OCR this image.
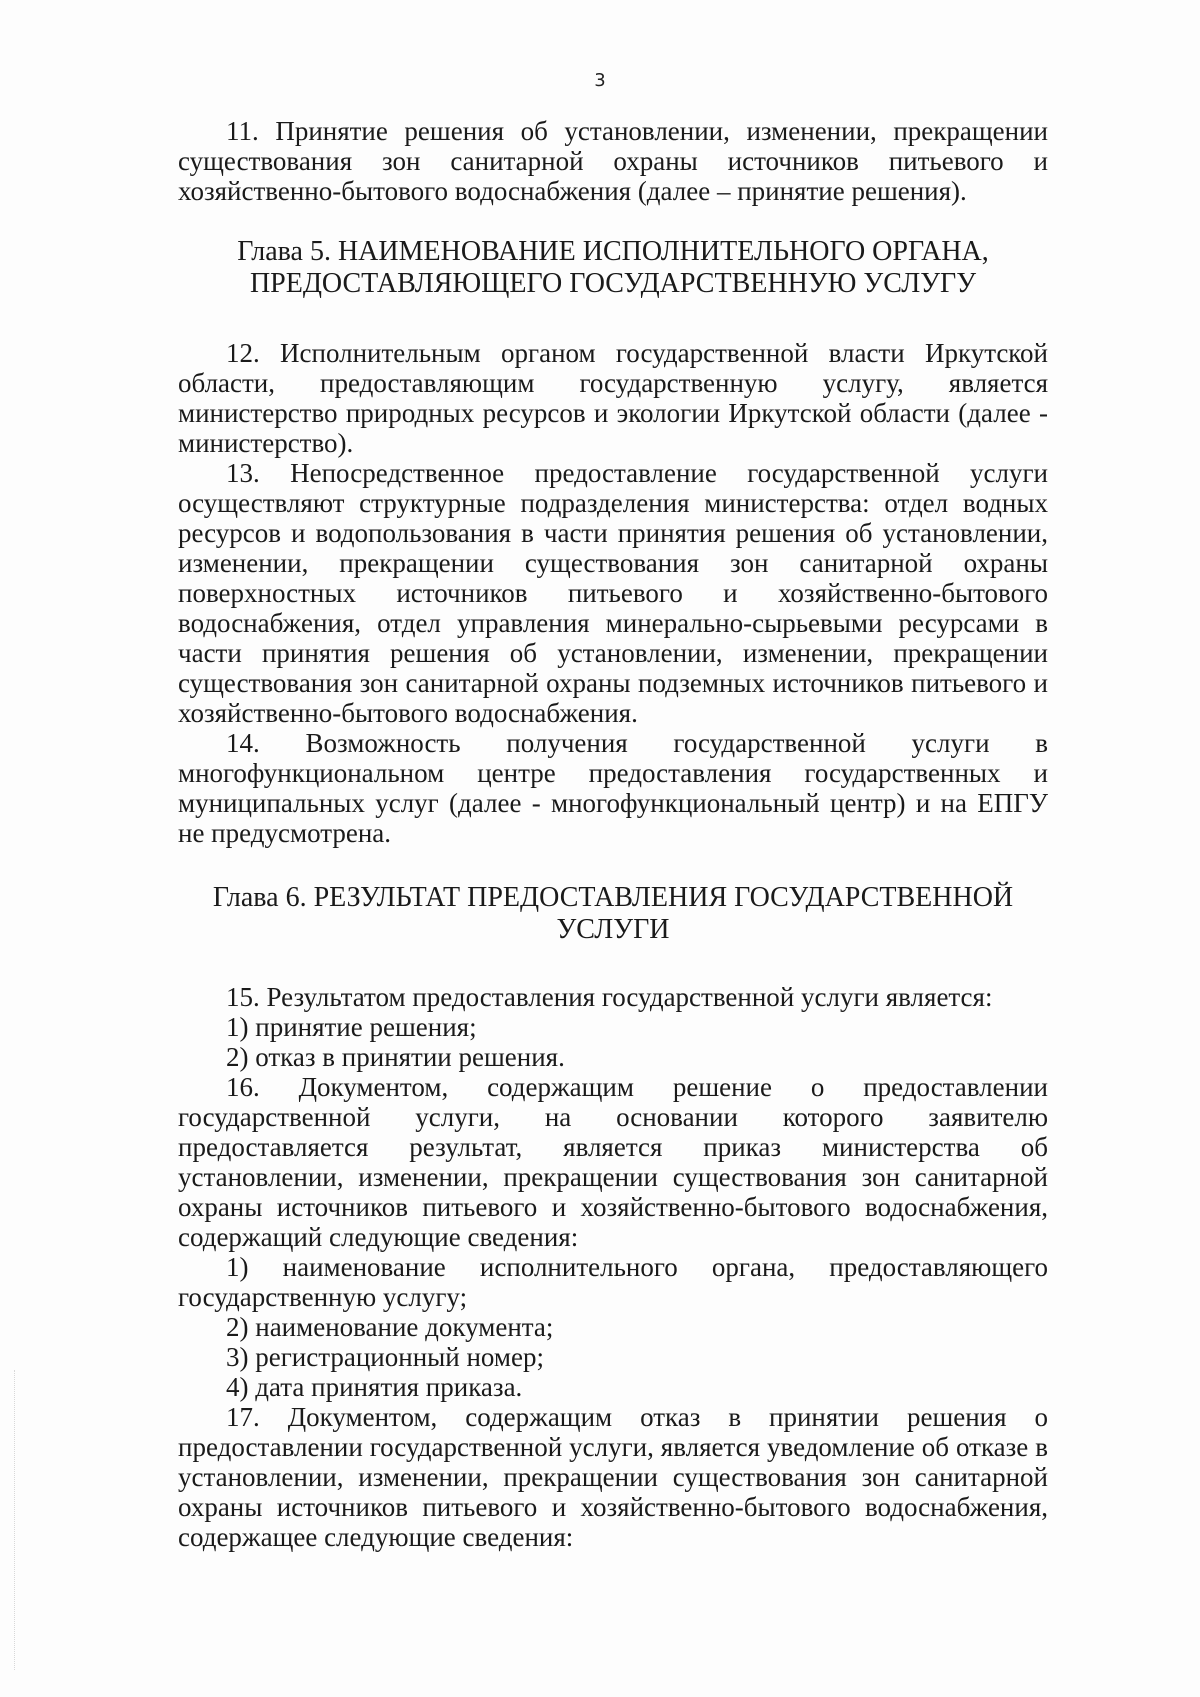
3

11. Принятие решения об установлении, изменении, прекращении существования зон санитарной охраны источников питьевого и хозяйственно-бытового водоснабжения (далее – принятие решения).

Глава 5. НАИМЕНОВАНИЕ ИСПОЛНИТЕЛЬНОГО ОРГАНА, ПРЕДОСТАВЛЯЮЩЕГО ГОСУДАРСТВЕННУЮ УСЛУГУ

12. Исполнительным органом государственной власти Иркутской области, предоставляющим государственную услугу, является министерство природных ресурсов и экологии Иркутской области (далее - министерство).

13. Непосредственное предоставление государственной услуги осуществляют структурные подразделения министерства: отдел водных ресурсов и водопользования в части принятия решения об установлении, изменении, прекращении существования зон санитарной охраны поверхностных источников питьевого и хозяйственно-бытового водоснабжения, отдел управления минерально-сырьевыми ресурсами в части принятия решения об установлении, изменении, прекращении существования зон санитарной охраны подземных источников питьевого и хозяйственно-бытового водоснабжения.

14. Возможность получения государственной услуги в многофункциональном центре предоставления государственных и муниципальных услуг (далее - многофункциональный центр) и на ЕПГУ не предусмотрена.

Глава 6. РЕЗУЛЬТАТ ПРЕДОСТАВЛЕНИЯ ГОСУДАРСТВЕННОЙ УСЛУГИ

15. Результатом предоставления государственной услуги является:

1) принятие решения;

2) отказ в принятии решения.

16. Документом, содержащим решение о предоставлении государственной услуги, на основании которого заявителю предоставляется результат, является приказ министерства об установлении, изменении, прекращении существования зон санитарной охраны источников питьевого и хозяйственно-бытового водоснабжения, содержащий следующие сведения:

1) наименование исполнительного органа, предоставляющего государственную услугу;

2) наименование документа;

3) регистрационный номер;

4) дата принятия приказа.

17. Документом, содержащим отказ в принятии решения о предоставлении государственной услуги, является уведомление об отказе в установлении, изменении, прекращении существования зон санитарной охраны источников питьевого и хозяйственно-бытового водоснабжения, содержащее следующие сведения:
